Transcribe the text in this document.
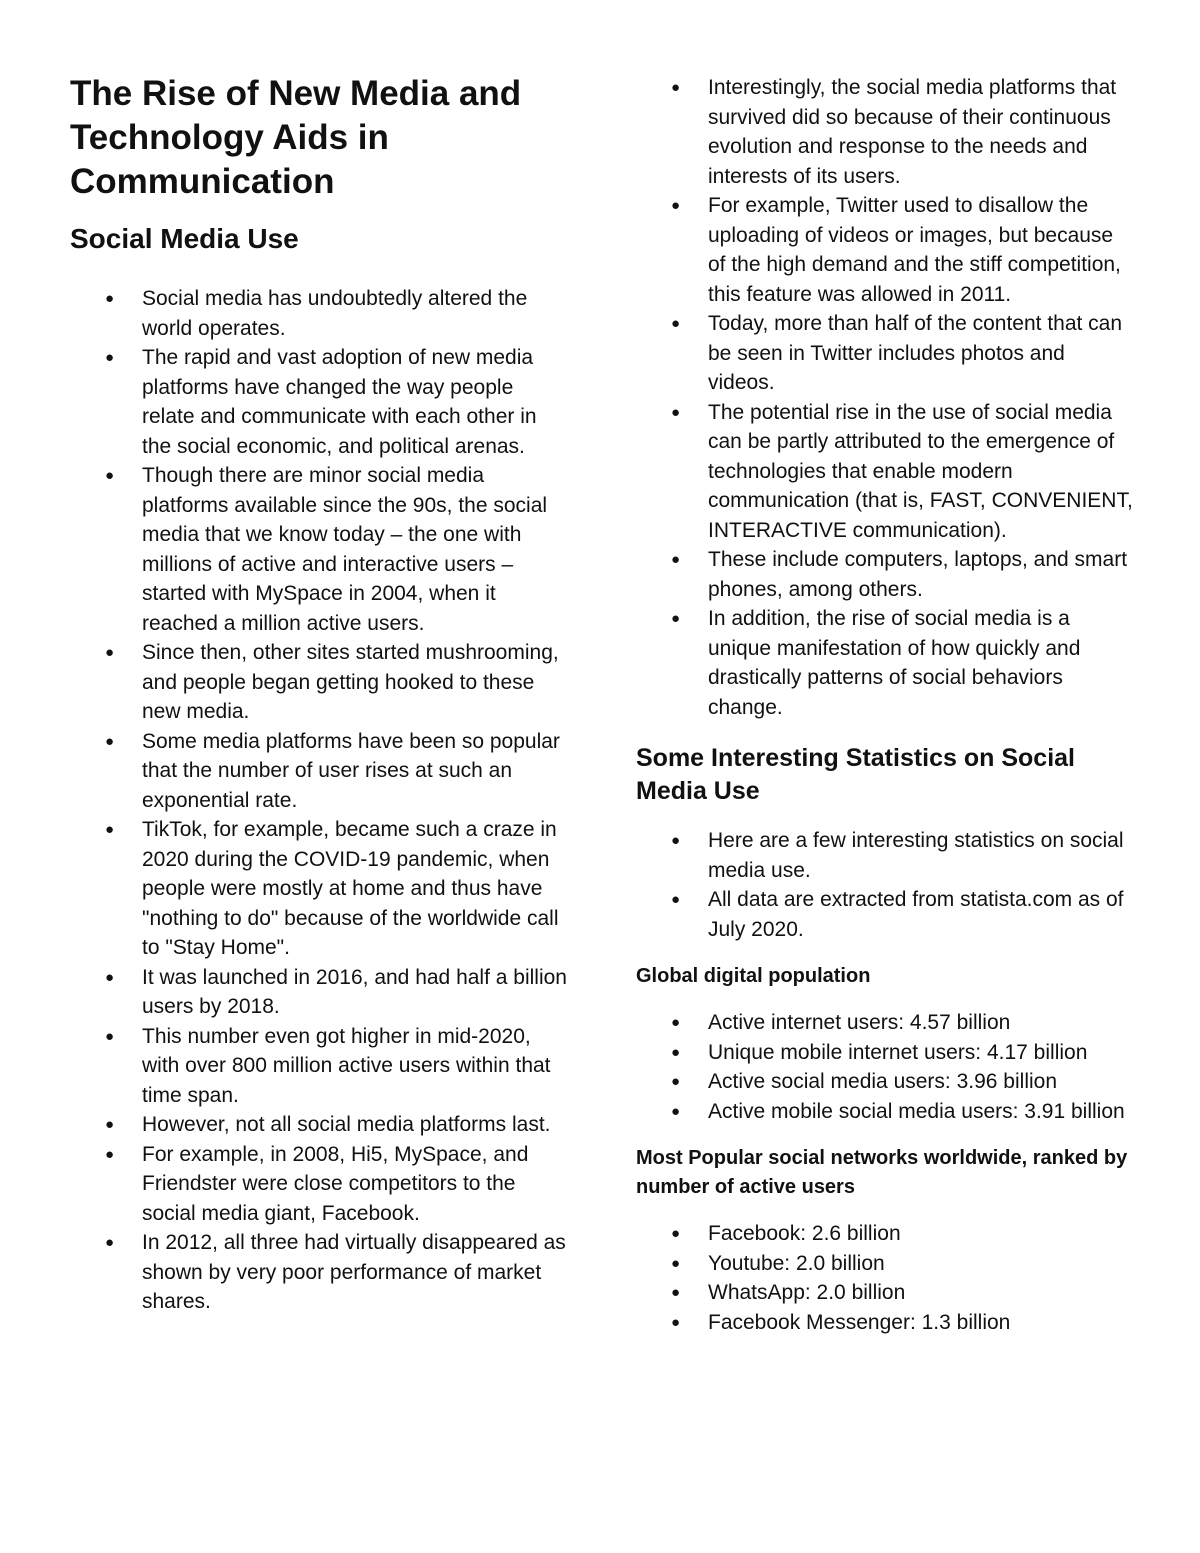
The Rise of New Media and Technology Aids in Communication
Social Media Use
● Social media has undoubtedly altered the world operates.
● The rapid and vast adoption of new media platforms have changed the way people relate and communicate with each other in the social economic, and political arenas.
● Though there are minor social media platforms available since the 90s, the social media that we know today – the one with millions of active and interactive users – started with MySpace in 2004, when it reached a million active users.
● Since then, other sites started mushrooming, and people began getting hooked to these new media.
● Some media platforms have been so popular that the number of user rises at such an exponential rate.
● TikTok, for example, became such a craze in 2020 during the COVID-19 pandemic, when people were mostly at home and thus have "nothing to do" because of the worldwide call to "Stay Home".
● It was launched in 2016, and had half a billion users by 2018.
● This number even got higher in mid-2020, with over 800 million active users within that time span.
● However, not all social media platforms last.
● For example, in 2008, Hi5, MySpace, and Friendster were close competitors to the social media giant, Facebook.
● In 2012, all three had virtually disappeared as shown by very poor performance of market shares.
● Interestingly, the social media platforms that survived did so because of their continuous evolution and response to the needs and interests of its users.
● For example, Twitter used to disallow the uploading of videos or images, but because of the high demand and the stiff competition, this feature was allowed in 2011.
● Today, more than half of the content that can be seen in Twitter includes photos and videos.
● The potential rise in the use of social media can be partly attributed to the emergence of technologies that enable modern communication (that is, FAST, CONVENIENT, INTERACTIVE communication).
● These include computers, laptops, and smart phones, among others.
● In addition, the rise of social media is a unique manifestation of how quickly and drastically patterns of social behaviors change.
Some Interesting Statistics on Social Media Use
● Here are a few interesting statistics on social media use.
● All data are extracted from statista.com as of July 2020.
Global digital population
● Active internet users: 4.57 billion
● Unique mobile internet users: 4.17 billion
● Active social media users: 3.96 billion
● Active mobile social media users: 3.91 billion
Most Popular social networks worldwide, ranked by number of active users
● Facebook: 2.6 billion
● Youtube: 2.0 billion
● WhatsApp: 2.0 billion
● Facebook Messenger: 1.3 billion
